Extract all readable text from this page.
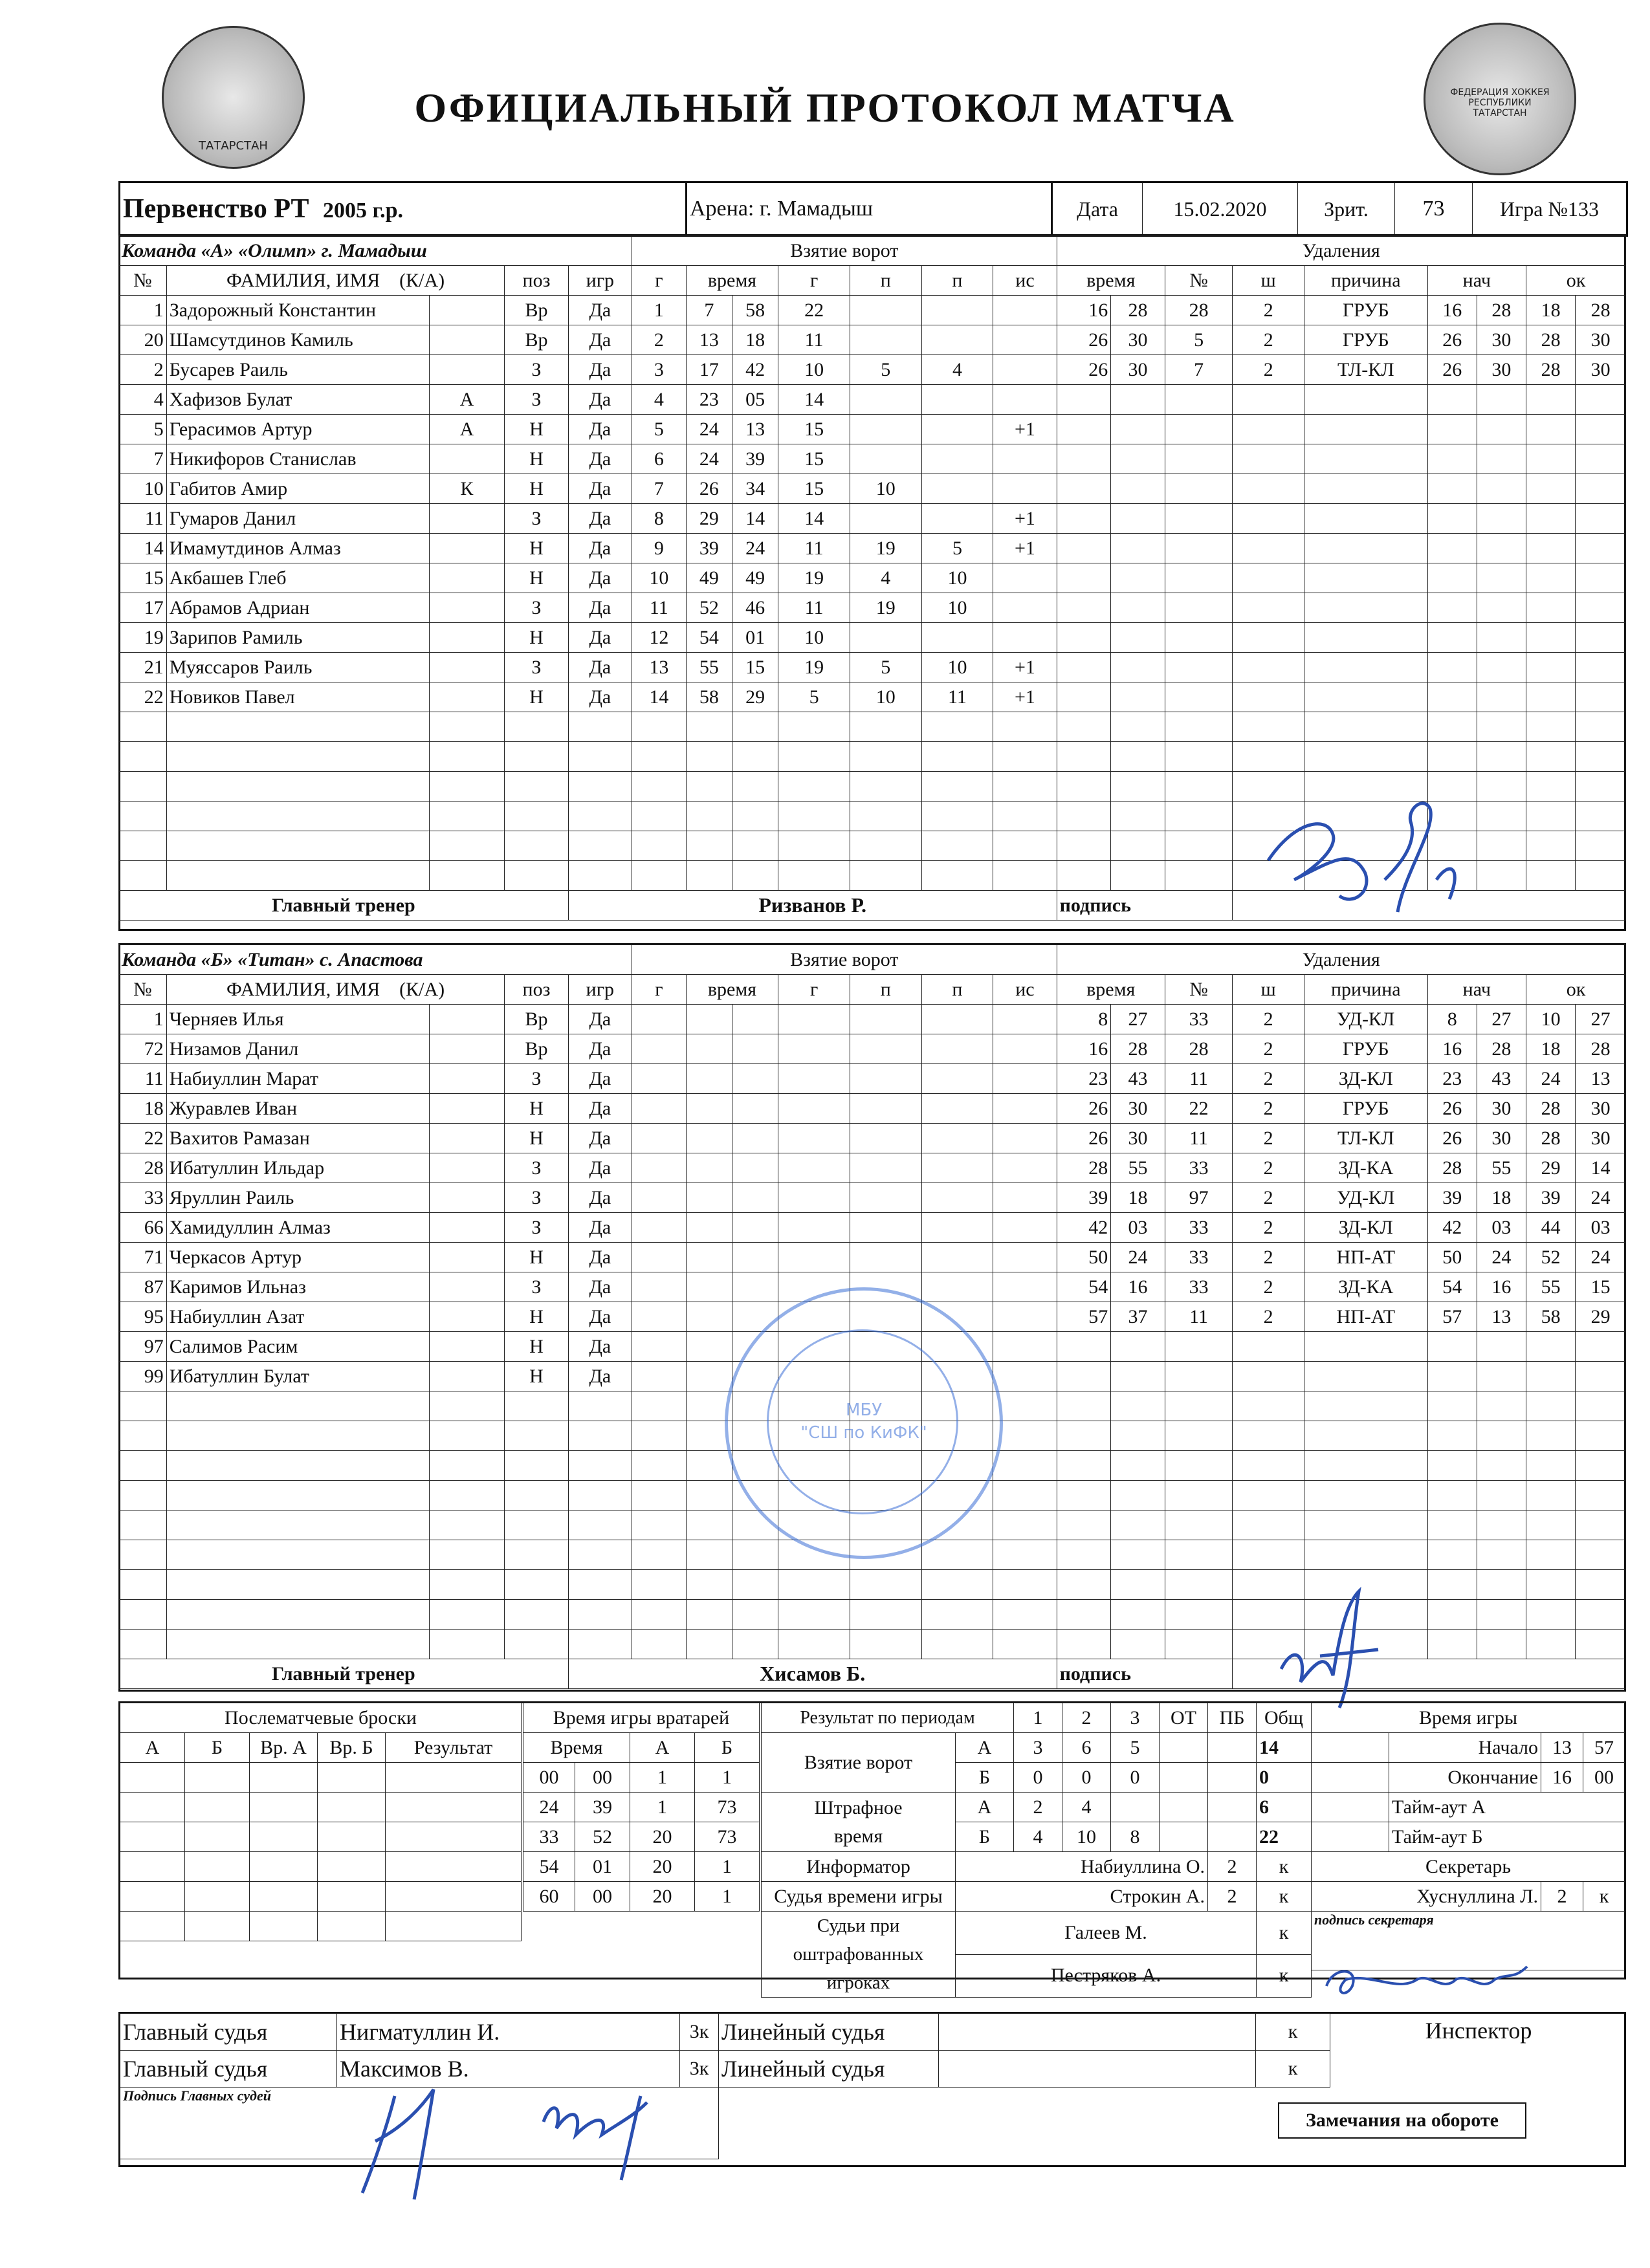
ТАТАРСТАН
ФЕДЕРАЦИЯ ХОККЕЯ РЕСПУБЛИКИ ТАТАРСТАН
ОФИЦИАЛЬНЫЙ ПРОТОКОЛ МАТЧА
Первенство РТ 2005 г.р.	Арена: г. Мамадыш	Дата	15.02.2020	Зрит.	73	Игра №133
Команда «А» «Олимп» г. Мамадыш					Взятие ворот							Удаления								
№	ФАМИЛИЯ, ИМЯ (К/А)		поз	игр	г	время		г	п	п	ис	время		№	ш	причина	нач		ок	
1	Задорожный Константин		Вр	Да	1	7	58	22				16	28	28	2	ГРУБ	16	28	18	28
20	Шамсутдинов Камиль		Вр	Да	2	13	18	11				26	30	5	2	ГРУБ	26	30	28	30
2	Бусарев Раиль		З	Да	3	17	42	10	5	4		26	30	7	2	ТЛ-КЛ	26	30	28	30
4	Хафизов Булат	А	З	Да	4	23	05	14												
5	Герасимов Артур	А	Н	Да	5	24	13	15			+1									
7	Никифоров Станислав		Н	Да	6	24	39	15												
10	Габитов Амир	К	Н	Да	7	26	34	15	10											
11	Гумаров Данил		З	Да	8	29	14	14			+1									
14	Имамутдинов Алмаз		Н	Да	9	39	24	11	19	5	+1									
15	Акбашев Глеб		Н	Да	10	49	49	19	4	10										
17	Абрамов Адриан		З	Да	11	52	46	11	19	10										
19	Зарипов Рамиль		Н	Да	12	54	01	10												
21	Муяссаров Раиль		З	Да	13	55	15	19	5	10	+1									
22	Новиков Павел		Н	Да	14	58	29	5	10	11	+1									

Главный тренер				Ризванов Р.								подпись								
Команда «Б» «Титан» с. Апастова					Взятие ворот							Удаления								
№	ФАМИЛИЯ, ИМЯ (К/А)		поз	игр	г	время		г	п	п	ис	время		№	ш	причина	нач		ок	
1	Черняев Илья		Вр	Да								8	27	33	2	УД-КЛ	8	27	10	27
72	Низамов Данил		Вр	Да								16	28	28	2	ГРУБ	16	28	18	28
11	Набиуллин Марат		З	Да								23	43	11	2	ЗД-КЛ	23	43	24	13
18	Журавлев Иван		Н	Да								26	30	22	2	ГРУБ	26	30	28	30
22	Вахитов Рамазан		Н	Да								26	30	11	2	ТЛ-КЛ	26	30	28	30
28	Ибатуллин Ильдар		З	Да								28	55	33	2	ЗД-КА	28	55	29	14
33	Яруллин Раиль		З	Да								39	18	97	2	УД-КЛ	39	18	39	24
66	Хамидуллин Алмаз		З	Да								42	03	33	2	ЗД-КЛ	42	03	44	03
71	Черкасов Артур		Н	Да								50	24	33	2	НП-АТ	50	24	52	24
87	Каримов Ильназ		З	Да								54	16	33	2	ЗД-КА	54	16	55	15
95	Набиуллин Азат		Н	Да								57	37	11	2	НП-АТ	57	13	58	29
97	Салимов Расим		Н	Да																
99	Ибатуллин Булат		Н	Да																

Главный тренер				Хисамов Б.								подпись								
МБУ
"СШ по КиФК"
Послематчевые броски				
А	Б	Вр. А	Вр. Б	Результат

Время игры вратарей			
Время		А	Б
00	00	1	1
24	39	1	73
33	52	20	73
54	01	20	1
60	00	20	1
Результат по периодам		1	2	3	ОТ	ПБ	Общ
Взятие ворот	А	3	6	5			14
	Б	0	0	0			0
Штрафное время	А	2	4				6
	Б	4	10	8			22
Информатор	Набиуллина О.					2	к
Судья времени игры	Строкин А.					2	к
Судьи при оштрафованных игроках	Галеев М.						к
	Пестряков А.						к
Время игры			
	Начало	13	57
	Окончание	16	00
	Тайм-аут А		
	Тайм-аут Б		
Секретарь			
Хуснуллина Л.		2	к
подпись секретаря			
Главный судья	Нигматуллин И.	3к	Линейный судья		к
Главный судья	Максимов В.	3к	Линейный судья		к
Подпись Главных судей					
Инспектор
Замечания на обороте
